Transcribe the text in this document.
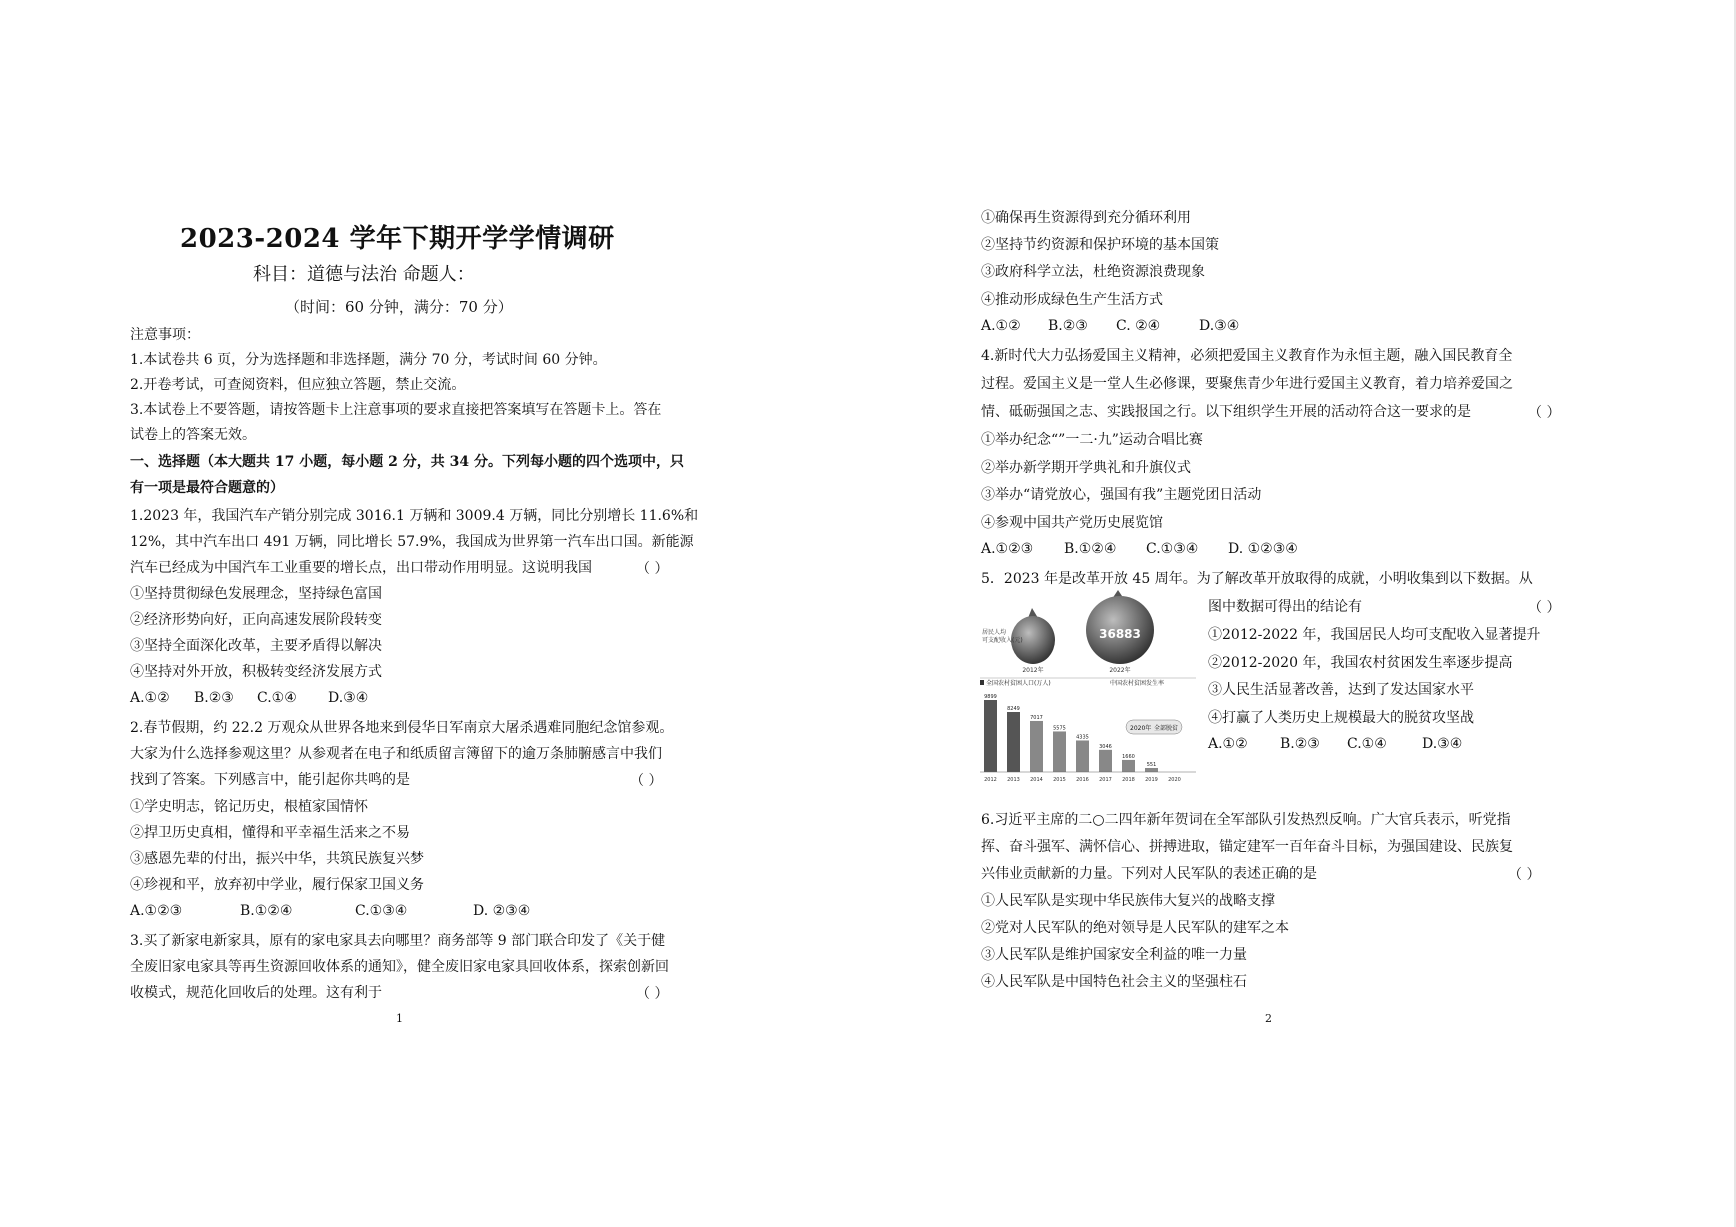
2023-2024 学年下期开学学情调研
科目：道德与法治 命题人：
（时间：60 分钟，满分：70 分）
注意事项：
1.本试卷共 6 页，分为选择题和非选择题，满分 70 分，考试时间 60 分钟。
2.开卷考试，可查阅资料，但应独立答题，禁止交流。
3.本试卷上不要答题，请按答题卡上注意事项的要求直接把答案填写在答题卡上。答在
试卷上的答案无效。
一、选择题（本大题共 17 小题，每小题 2 分，共 34 分。下列每小题的四个选项中，只
有一项是最符合题意的）
1.2023 年，我国汽车产销分别完成 3016.1 万辆和 3009.4 万辆，同比分别增长 11.6%和
12%，其中汽车出口 491 万辆，同比增长 57.9%，我国成为世界第一汽车出口国。新能源
汽车已经成为中国汽车工业重要的增长点，出口带动作用明显。这说明我国	（ ）
①坚持贯彻绿色发展理念，坚持绿色富国
②经济形势向好，正向高速发展阶段转变
③坚持全面深化改革，主要矛盾得以解决
④坚持对外开放，积极转变经济发展方式
A.①② B.②③ C.①④ D.③④
2.春节假期，约 22.2 万观众从世界各地来到侵华日军南京大屠杀遇难同胞纪念馆参观。
大家为什么选择参观这里？从参观者在电子和纸质留言簿留下的逾万条肺腑感言中我们
找到了答案。下列感言中，能引起你共鸣的是	（ ）
①学史明志，铭记历史，根植家国情怀
②捍卫历史真相，懂得和平幸福生活来之不易
③感恩先辈的付出，振兴中华，共筑民族复兴梦
④珍视和平，放弃初中学业，履行保家卫国义务
A.①②③	B.①②④	C.①③④	D. ②③④
3.买了新家电新家具，原有的家电家具去向哪里？商务部等 9 部门联合印发了《关于健
全废旧家电家具等再生资源回收体系的通知》，健全废旧家电家具回收体系，探索创新回
收模式，规范化回收后的处理。这有利于	（ ）
1
①确保再生资源得到充分循环利用
②坚持节约资源和保护环境的基本国策
③政府科学立法，杜绝资源浪费现象
④推动形成绿色生产生活方式
A.①② B.②③ C. ②④	D.③④
4.新时代大力弘扬爱国主义精神，必须把爱国主义教育作为永恒主题，融入国民教育全
过程。爱国主义是一堂人生必修课，要聚焦青少年进行爱国主义教育，着力培养爱国之
情、砥砺强国之志、实践报国之行。以下组织学生开展的活动符合这一要求的是	（ ）
①举办纪念“”一二·九”运动合唱比赛
②举办新学期开学典礼和升旗仪式
③举办“请党放心，强国有我”主题党团日活动
④参观中国共产党历史展览馆
A.①②③ B.①②④ C.①③④ D. ①②③④
5．2023 年是改革开放 45 周年。为了解改革开放取得的成就，小明收集到以下数据。从
图中数据可得出的结论有	（ ）
①2012-2022 年，我国居民人均可支配收入显著提升
②2012-2020 年，我国农村贫困发生率逐步提高
③人民生活显著改善，达到了发达国家水平
④打赢了人类历史上规模最大的脱贫攻坚战
A.①② B.②③ C.①④	D.③④
36883
居民人均
可支配收入(元)
2012年	2022年
全国农村贫困人口(万人)	中国农村贫困发生率
2020年 全部脱贫
9899
2012
8249
2013
7017
2014
5575
2015
4335
2016
3046
2017
1660
2018
551
2019 2020
6.习近平主席的二○二四年新年贺词在全军部队引发热烈反响。广大官兵表示，听党指
挥、奋斗强军、满怀信心、拼搏进取，锚定建军一百年奋斗目标，为强国建设、民族复
兴伟业贡献新的力量。下列对人民军队的表述正确的是	（ ）
①人民军队是实现中华民族伟大复兴的战略支撑
②党对人民军队的绝对领导是人民军队的建军之本
③人民军队是维护国家安全利益的唯一力量
④人民军队是中国特色社会主义的坚强柱石
2
